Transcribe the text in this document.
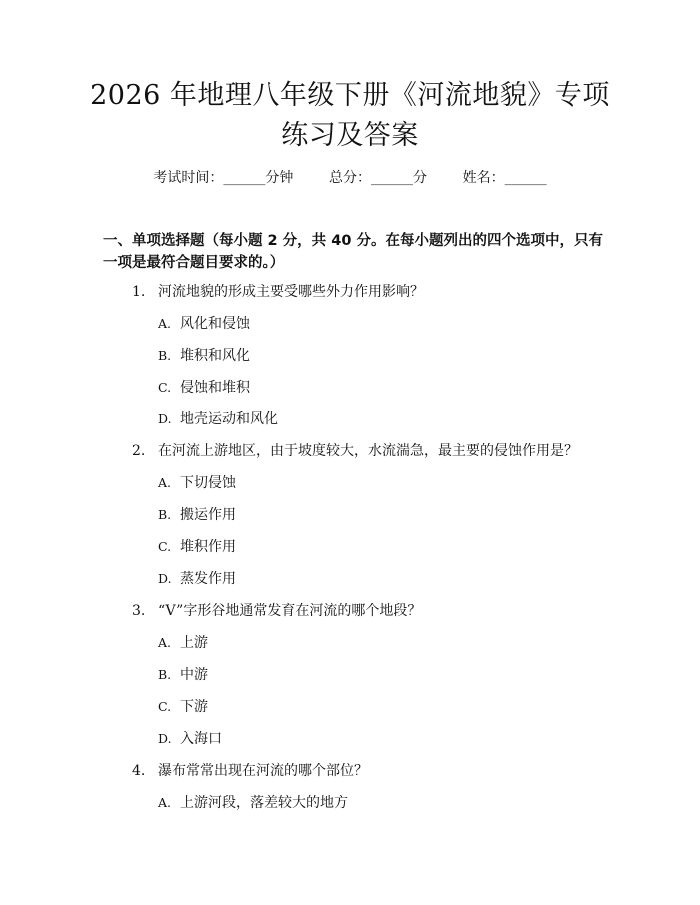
2026 年地理八年级下册《河流地貌》专项练习及答案
考试时间：______分钟	总分：______分	姓名：______

一、单项选择题（每小题 2 分，共 40 分。在每小题列出的四个选项中，只有一项是最符合题目要求的。）

1. 河流地貌的形成主要受哪些外力作用影响？
A. 风化和侵蚀
B. 堆积和风化
C. 侵蚀和堆积
D. 地壳运动和风化
2. 在河流上游地区，由于坡度较大，水流湍急，最主要的侵蚀作用是？
A. 下切侵蚀
B. 搬运作用
C. 堆积作用
D. 蒸发作用
3. “V”字形谷地通常发育在河流的哪个地段？
A. 上游
B. 中游
C. 下游
D. 入海口
4. 瀑布常常出现在河流的哪个部位？
A. 上游河段，落差较大的地方
